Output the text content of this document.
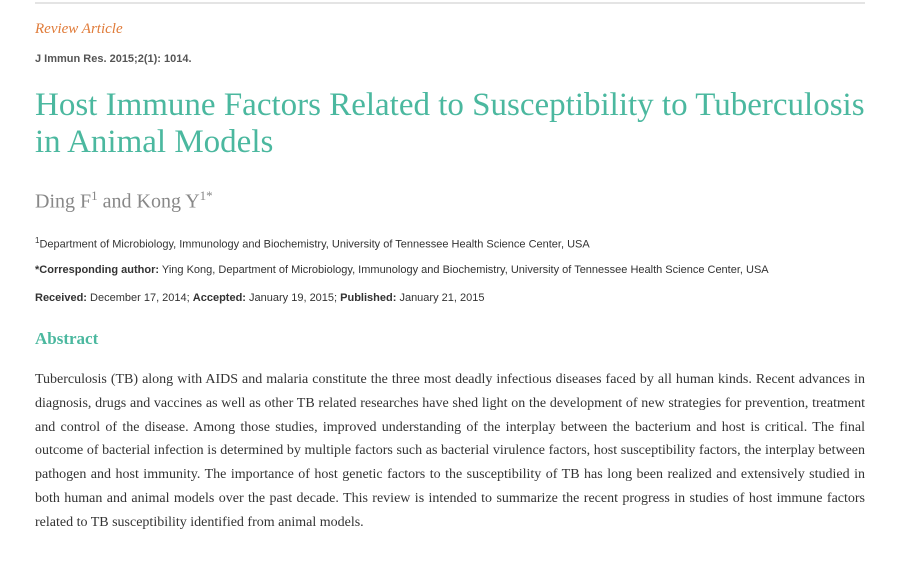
Review Article
J Immun Res. 2015;2(1): 1014.
Host Immune Factors Related to Susceptibility to Tuberculosis in Animal Models
Ding $F^1$ and Kong $Y^{1*}$
$^1$Department of Microbiology, Immunology and Biochemistry, University of Tennessee Health Science Center, USA
*Corresponding author: Ying Kong, Department of Microbiology, Immunology and Biochemistry, University of Tennessee Health Science Center, USA
Received: December 17, 2014; Accepted: January 19, 2015; Published: January 21, 2015
Abstract

Tuberculosis (TB) along with AIDS and malaria constitute the three most deadly infectious diseases faced by all human kinds. Recent advances in diagnosis, drugs and vaccines as well as other TB related researches have shed light on the development of new strategies for prevention, treatment and control of the disease. Among those studies, improved understanding of the interplay between the bacterium and host is critical. The final outcome of bacterial infection is determined by multiple factors such as bacterial virulence factors, host susceptibility factors, the interplay between pathogen and host immunity. The importance of host genetic factors to the susceptibility of TB has long been realized and extensively studied in both human and animal models over the past decade. This review is intended to summarize the recent progress in studies of host immune factors related to TB susceptibility identified from animal models.
